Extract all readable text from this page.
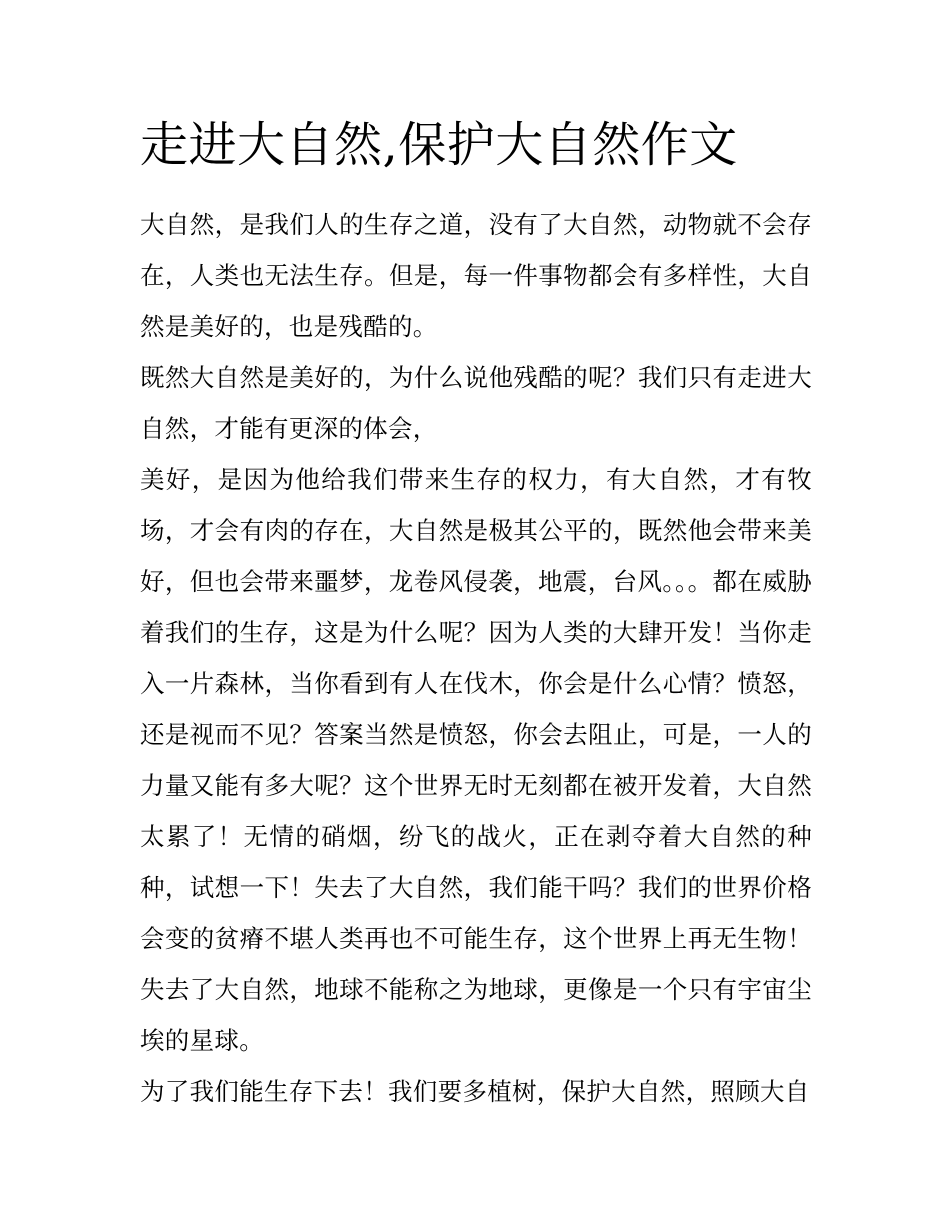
走进大自然,保护大自然作文

大自然，是我们人的生存之道，没有了大自然，动物就不会存在，人类也无法生存。但是，每一件事物都会有多样性，大自然是美好的，也是残酷的。

既然大自然是美好的，为什么说他残酷的呢？我们只有走进大自然，才能有更深的体会，

美好，是因为他给我们带来生存的权力，有大自然，才有牧场，才会有肉的存在，大自然是极其公平的，既然他会带来美好，但也会带来噩梦，龙卷风侵袭，地震，台风。。。都在威胁着我们的生存，这是为什么呢？因为人类的大肆开发！当你走入一片森林，当你看到有人在伐木，你会是什么心情？愤怒，还是视而不见？答案当然是愤怒，你会去阻止，可是，一人的力量又能有多大呢？这个世界无时无刻都在被开发着，大自然太累了！无情的硝烟，纷飞的战火，正在剥夺着大自然的种种，试想一下！失去了大自然，我们能干吗？我们的世界价格会变的贫瘠不堪人类再也不可能生存，这个世界上再无生物！失去了大自然，地球不能称之为地球，更像是一个只有宇宙尘埃的星球。

为了我们能生存下去！我们要多植树，保护大自然，照顾大自
